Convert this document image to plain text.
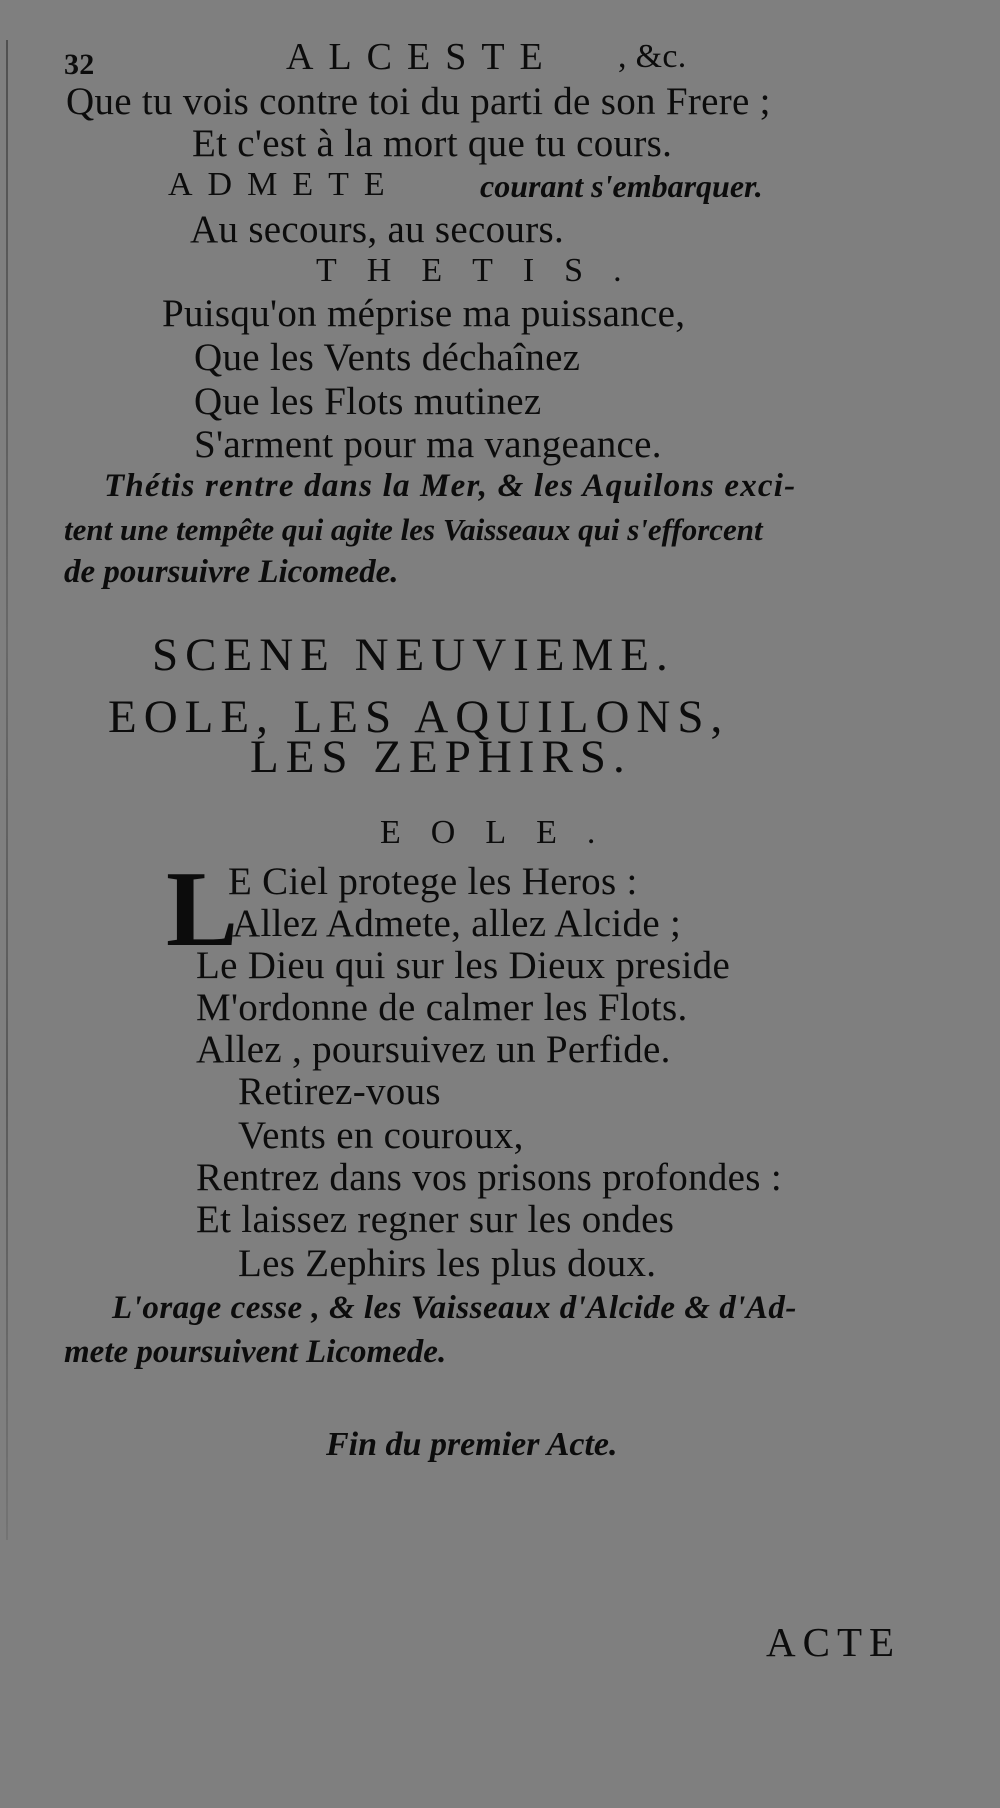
32	ALCESTE , &c.
Que tu vois contre toi du parti de son Frere ;
Et c'est à la mort que tu cours.
ADMETE	courant s'embarquer.
Au secours, au secours.
THETIS.
Puisqu'on méprise ma puissance,
Que les Vents déchaînez
Que les Flots mutinez
S'arment pour ma vangeance.
Thétis rentre dans la Mer, & les Aquilons exci-
tent une tempête qui agite les Vaisseaux qui s'efforcent
de poursuivre Licomede.
SCENE NEUVIEME.
EOLE, LES AQUILONS,
LES ZEPHIRS.
EOLE.
L
E Ciel protege les Heros :
Allez Admete, allez Alcide ;
Le Dieu qui sur les Dieux preside
M'ordonne de calmer les Flots.
Allez , poursuivez un Perfide.
Retirez-vous
Vents en couroux,
Rentrez dans vos prisons profondes :
Et laissez regner sur les ondes
Les Zephirs les plus doux.
L'orage cesse , & les Vaisseaux d'Alcide & d'Ad-
mete poursuivent Licomede.
Fin du premier Acte.
ACTE
